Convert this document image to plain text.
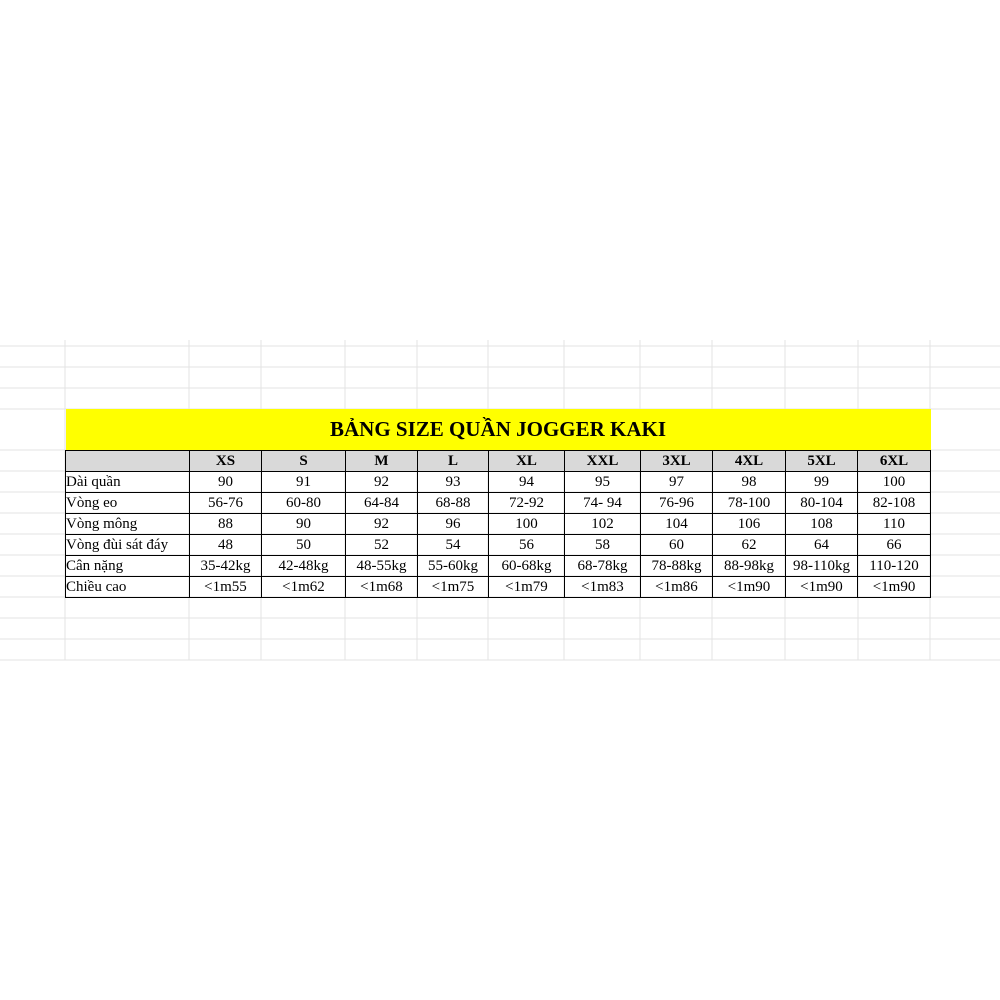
BẢNG SIZE QUẦN JOGGER KAKI										
	XS	S	M	L	XL	XXL	3XL	4XL	5XL	6XL
Dài quần	90	91	92	93	94	95	97	98	99	100
Vòng eo	56-76	60-80	64-84	68-88	72-92	74- 94	76-96	78-100	80-104	82-108
Vòng mông	88	90	92	96	100	102	104	106	108	110
Vòng đùi sát đáy	48	50	52	54	56	58	60	62	64	66
Cân nặng	35-42kg	42-48kg	48-55kg	55-60kg	60-68kg	68-78kg	78-88kg	88-98kg	98-110kg	110-120
Chiều cao	<1m55	<1m62	<1m68	<1m75	<1m79	<1m83	<1m86	<1m90	<1m90	<1m90
